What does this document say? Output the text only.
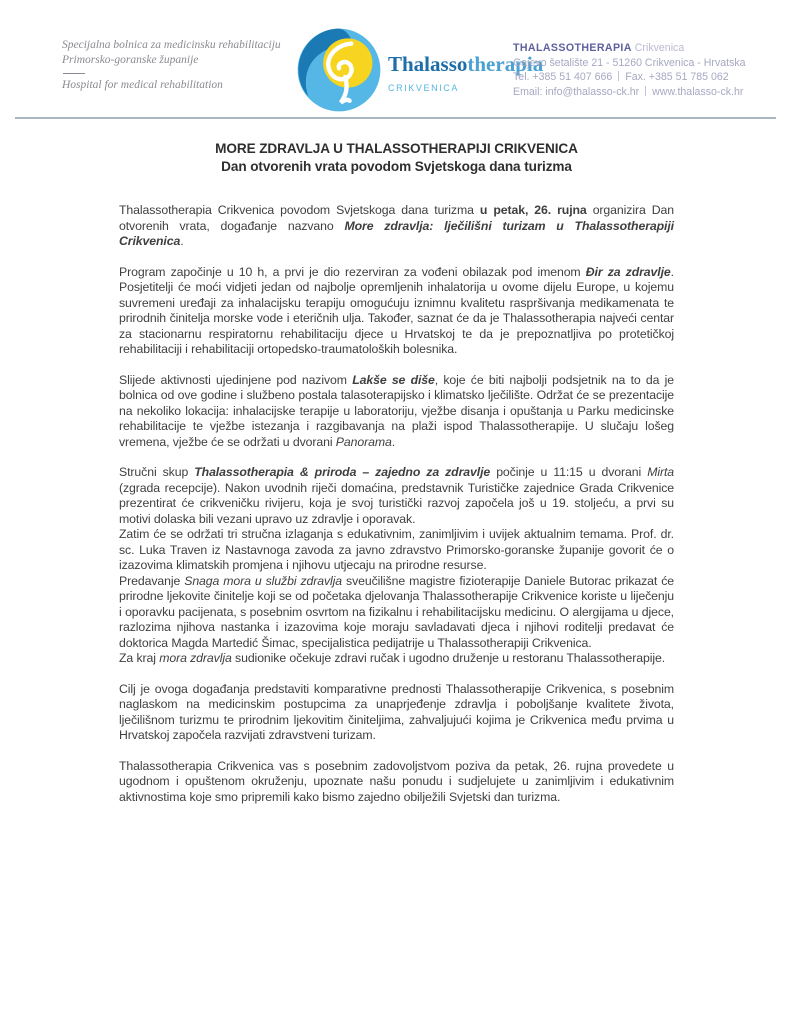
Specijalna bolnica za medicinsku rehabilitaciju
Primorsko-goranske županije
Hospital for medical rehabilitation
Thalassotherapia
CRIKVENICA
THALASSOTHERAPIA Crikvenica
Gajevo šetalište 21 - 51260 Crikvenica - Hrvatska
Tel. +385 51 407 666 Fax. +385 51 785 062
Email: info@thalasso-ck.hr www.thalasso-ck.hr
MORE ZDRAVLJA U THALASSOTHERAPIJI CRIKVENICA
Dan otvorenih vrata povodom Svjetskoga dana turizma

Thalassotherapia Crikvenica povodom Svjetskoga dana turizma u petak, 26. rujna organizira Dan otvorenih vrata, događanje nazvano More zdravlja: lječilišni turizam u Thalassotherapiji Crikvenica.

Program započinje u 10 h, a prvi je dio rezerviran za vođeni obilazak pod imenom Đir za zdravlje. Posjetitelji će moći vidjeti jedan od najbolje opremljenih inhalatorija u ovome dijelu Europe, u kojemu suvremeni uređaji za inhalacijsku terapiju omogućuju iznimnu kvalitetu raspršivanja medikamenata te prirodnih činitelja morske vode i eteričnih ulja. Također, saznat će da je Thalassotherapia najveći centar za stacionarnu respiratornu rehabilitaciju djece u Hrvatskoj te da je prepoznatljiva po protetičkoj rehabilitaciji i rehabilitaciji ortopedsko-traumatoloških bolesnika.

Slijede aktivnosti ujedinjene pod nazivom Lakše se diše, koje će biti najbolji podsjetnik na to da je bolnica od ove godine i službeno postala talasoterapijsko i klimatsko lječilište. Održat će se prezentacije na nekoliko lokacija: inhalacijske terapije u laboratoriju, vježbe disanja i opuštanja u Parku medicinske rehabilitacije te vježbe istezanja i razgibavanja na plaži ispod Thalassotherapije. U slučaju lošeg vremena, vježbe će se održati u dvorani Panorama.

Stručni skup Thalassotherapia & priroda – zajedno za zdravlje počinje u 11:15 u dvorani Mirta (zgrada recepcije). Nakon uvodnih riječi domaćina, predstavnik Turističke zajednice Grada Crikvenice prezentirat će crikveničku rivijeru, koja je svoj turistički razvoj započela još u 19. stoljeću, a prvi su motivi dolaska bili vezani upravo uz zdravlje i oporavak.

Zatim će se održati tri stručna izlaganja s edukativnim, zanimljivim i uvijek aktualnim temama. Prof. dr. sc. Luka Traven iz Nastavnoga zavoda za javno zdravstvo Primorsko-goranske županije govorit će o izazovima klimatskih promjena i njihovu utjecaju na prirodne resurse.

Predavanje Snaga mora u službi zdravlja sveučilišne magistre fizioterapije Daniele Butorac prikazat će prirodne ljekovite činitelje koji se od početaka djelovanja Thalassotherapije Crikvenice koriste u liječenju i oporavku pacijenata, s posebnim osvrtom na fizikalnu i rehabilitacijsku medicinu. O alergijama u djece, razlozima njihova nastanka i izazovima koje moraju savladavati djeca i njihovi roditelji predavat će doktorica Magda Martedić Šimac, specijalistica pedijatrije u Thalassotherapiji Crikvenica.

Za kraj mora zdravlja sudionike očekuje zdravi ručak i ugodno druženje u restoranu Thalassotherapije.

Cilj je ovoga događanja predstaviti komparativne prednosti Thalassotherapije Crikvenica, s posebnim naglaskom na medicinskim postupcima za unaprjeđenje zdravlja i poboljšanje kvalitete života, lječilišnom turizmu te prirodnim ljekovitim činiteljima, zahvaljujući kojima je Crikvenica među prvima u Hrvatskoj započela razvijati zdravstveni turizam.

Thalassotherapia Crikvenica vas s posebnim zadovoljstvom poziva da petak, 26. rujna provedete u ugodnom i opuštenom okruženju, upoznate našu ponudu i sudjelujete u zanimljivim i edukativnim aktivnostima koje smo pripremili kako bismo zajedno obilježili Svjetski dan turizma.
